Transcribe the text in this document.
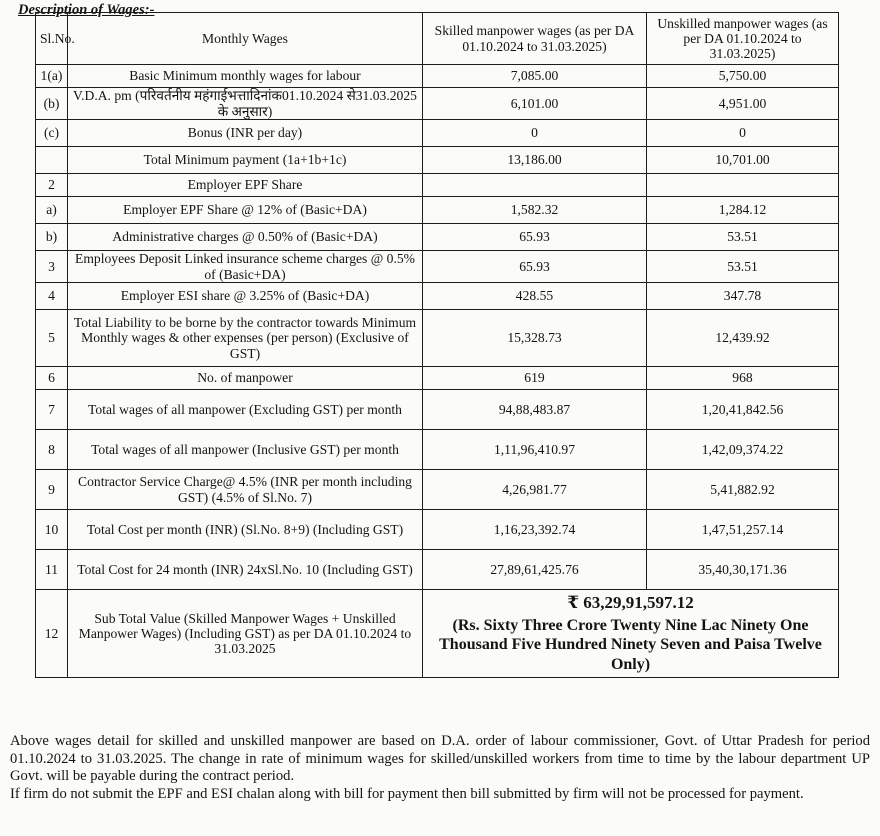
Description of Wages:-
Sl.No.	Monthly Wages	Skilled manpower wages (as per DA 01.10.2024 to 31.03.2025)	Unskilled manpower wages (as per DA 01.10.2024 to 31.03.2025)
1(a)	Basic Minimum monthly wages for labour	7,085.00	5,750.00
(b)	V.D.A. pm (परिवर्तनीय महंगाईभत्तादिनांक01.10.2024 से31.03.2025 के अनुसार)	6,101.00	4,951.00
(c)	Bonus (INR per day)	0	0
	Total Minimum payment (1a+1b+1c)	13,186.00	10,701.00
2	Employer EPF Share		
a)	Employer EPF Share @ 12% of (Basic+DA)	1,582.32	1,284.12
b)	Administrative charges @ 0.50% of (Basic+DA)	65.93	53.51
3	Employees Deposit Linked insurance scheme charges @ 0.5% of (Basic+DA)	65.93	53.51
4	Employer ESI share @ 3.25% of (Basic+DA)	428.55	347.78
5	Total Liability to be borne by the contractor towards Minimum Monthly wages & other expenses (per person) (Exclusive of GST)	15,328.73	12,439.92
6	No. of manpower	619	968
7	Total wages of all manpower (Excluding GST) per month	94,88,483.87	1,20,41,842.56
8	Total wages of all manpower (Inclusive GST) per month	1,11,96,410.97	1,42,09,374.22
9	Contractor Service Charge@ 4.5% (INR per month including GST) (4.5% of Sl.No. 7)	4,26,981.77	5,41,882.92
10	Total Cost per month (INR) (Sl.No. 8+9) (Including GST)	1,16,23,392.74	1,47,51,257.14
11	Total Cost for 24 month (INR) 24xSl.No. 10 (Including GST)	27,89,61,425.76	35,40,30,171.36
12	Sub Total Value (Skilled Manpower Wages + Unskilled Manpower Wages) (Including GST) as per DA 01.10.2024 to 31.03.2025	₹ 63,29,91,597.12
(Rs. Sixty Three Crore Twenty Nine Lac Ninety One Thousand Five Hundred Ninety Seven and Paisa Twelve Only)	

Above wages detail for skilled and unskilled manpower are based on D.A. order of labour commissioner, Govt. of Uttar Pradesh for period 01.10.2024 to 31.03.2025. The change in rate of minimum wages for skilled/unskilled workers from time to time by the labour department UP Govt. will be payable during the contract period.

If firm do not submit the EPF and ESI chalan along with bill for payment then bill submitted by firm will not be processed for payment.
